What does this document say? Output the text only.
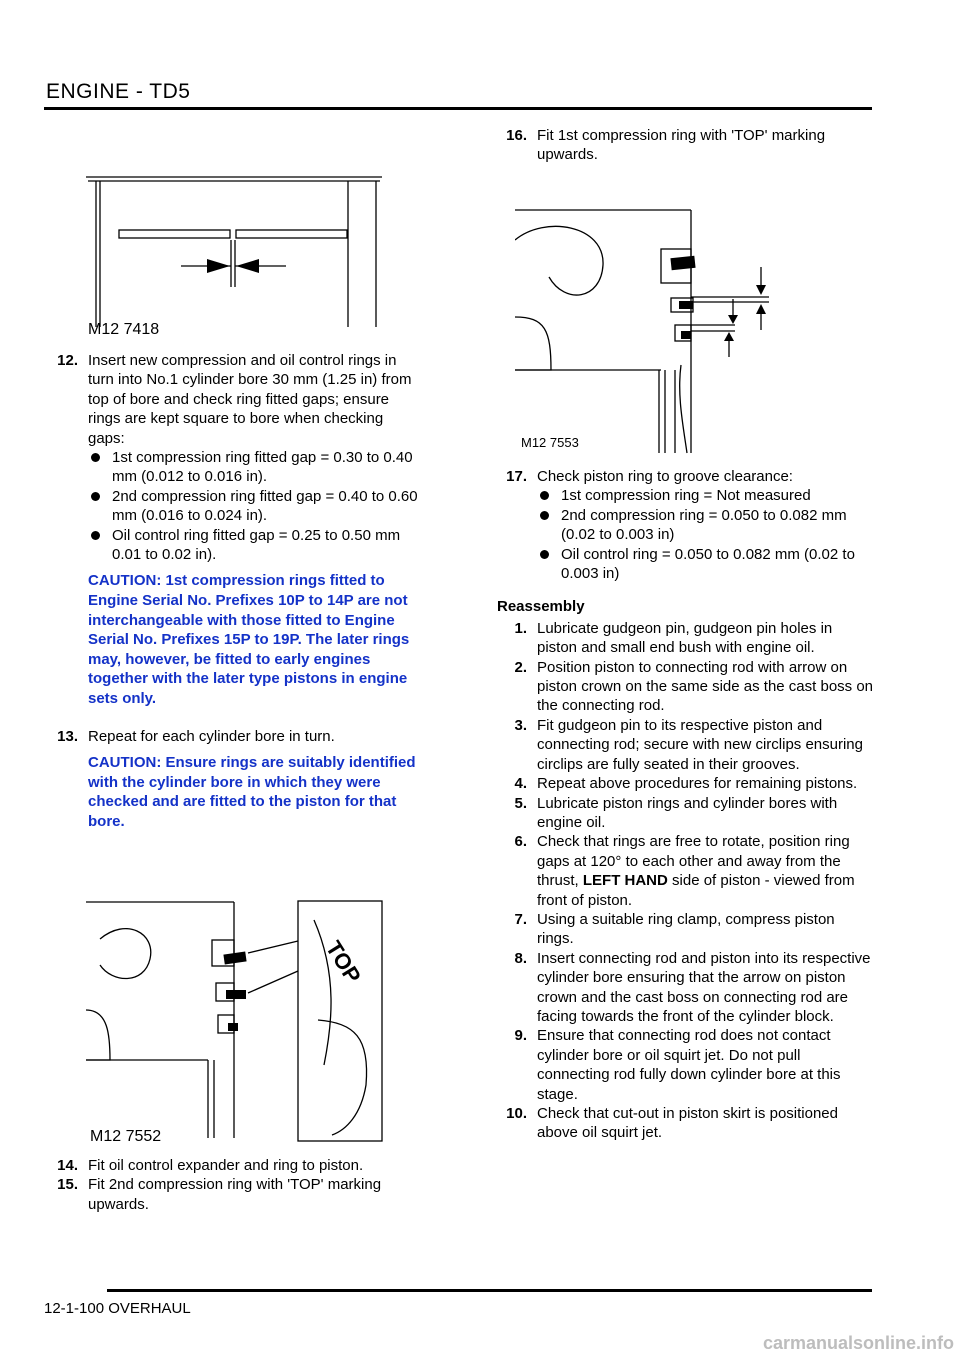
ENGINE - TD5
M12 7418
TOP
M12 7552
M12 7553
12. Insert new compression and oil control rings in turn into No.1 cylinder bore 30 mm (1.25 in) from top of bore and check ring fitted gaps; ensure rings are kept square to bore when checking gaps:
1st compression ring fitted gap = 0.30 to 0.40 mm (0.012 to 0.016 in).
2nd compression ring fitted gap = 0.40 to 0.60 mm (0.016 to 0.024 in).
Oil control ring fitted gap = 0.25 to 0.50 mm 0.01 to 0.02 in).
CAUTION: 1st compression rings fitted to Engine Serial No. Prefixes 10P to 14P are not interchangeable with those fitted to Engine Serial No. Prefixes 15P to 19P. The later rings may, however, be fitted to early engines together with the later type pistons in engine sets only.
13. Repeat for each cylinder bore in turn.
CAUTION: Ensure rings are suitably identified with the cylinder bore in which they were checked and are fitted to the piston for that bore.
14. Fit oil control expander and ring to piston.
15. Fit 2nd compression ring with 'TOP' marking upwards.
16. Fit 1st compression ring with 'TOP' marking upwards.
17. Check piston ring to groove clearance:
1st compression ring = Not measured
2nd compression ring = 0.050 to 0.082 mm (0.02 to 0.003 in)
Oil control ring = 0.050 to 0.082 mm (0.02 to 0.003 in)
Reassembly
1. Lubricate gudgeon pin, gudgeon pin holes in piston and small end bush with engine oil.
2. Position piston to connecting rod with arrow on piston crown on the same side as the cast boss on the connecting rod.
3. Fit gudgeon pin to its respective piston and connecting rod; secure with new circlips ensuring circlips are fully seated in their grooves.
4. Repeat above procedures for remaining pistons.
5. Lubricate piston rings and cylinder bores with engine oil.
6. Check that rings are free to rotate, position ring gaps at 120° to each other and away from the thrust, LEFT HAND side of piston - viewed from front of piston.
7. Using a suitable ring clamp, compress piston rings.
8. Insert connecting rod and piston into its respective cylinder bore ensuring that the arrow on piston crown and the cast boss on connecting rod are facing towards the front of the cylinder block.
9. Ensure that connecting rod does not contact cylinder bore or oil squirt jet. Do not pull connecting rod fully down cylinder bore at this stage.
10. Check that cut-out in piston skirt is positioned above oil squirt jet.
12-1-100 OVERHAUL
carmanualsonline.info
